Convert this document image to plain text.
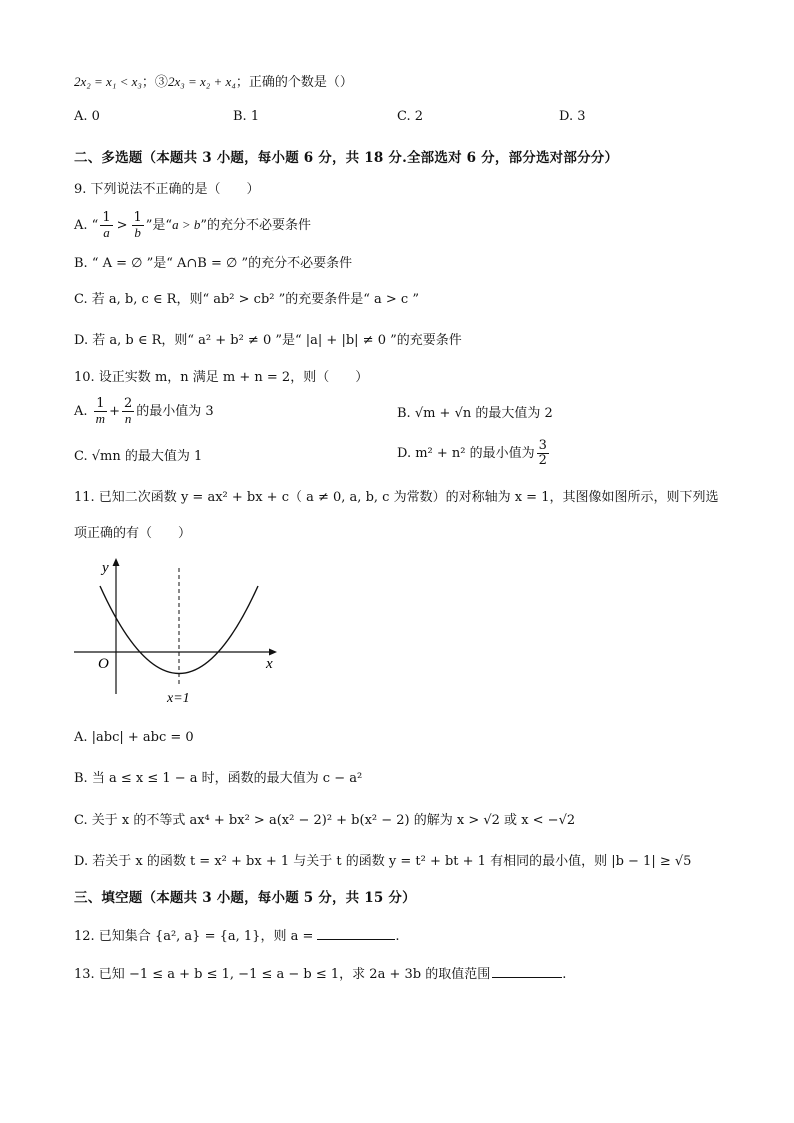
2x₂ = x₁ < x₃；③2x₃ = x₂ + x₄；正确的个数是（）
A. 0	B. 1	C. 2	D. 3
二、多选题（本题共 3 小题，每小题 6 分，共 18 分.全部选对 6 分，部分选对部分分）
9. 下列说法不正确的是（　　）
A. “ $\frac{1}{a} > \frac{1}{b}$ ”是“a > b”的充分不必要条件
B. “ A = ∅ ”是“ A∩B = ∅ ”的充分不必要条件
C. 若 a, b, c ∈ R，则“ ab² > cb² ”的充要条件是“ a > c ”
D. 若 a, b ∈ R，则“ a² + b² ≠ 0 ”是“ |a| + |b| ≠ 0 ”的充要条件
10. 设正实数 m，n 满足 m + n = 2，则（　　）
A. $\frac{1}{m} + \frac{2}{n}$ 的最小值为 3	B. √m + √n 的最大值为 2
C. √mn 的最大值为 1	D. m² + n² 的最小值为 $\frac{3}{2}$
11. 已知二次函数 y = ax² + bx + c（ a ≠ 0, a, b, c 为常数）的对称轴为 x = 1，其图像如图所示，则下列选
项正确的有（　　）
y
x
O
x=1
A. |abc| + abc = 0
B. 当 a ≤ x ≤ 1 − a 时，函数的最大值为 c − a²
C. 关于 x 的不等式 ax⁴ + bx² > a(x² − 2)² + b(x² − 2) 的解为 x > √2 或 x < −√2
D. 若关于 x 的函数 t = x² + bx + 1 与关于 t 的函数 y = t² + bt + 1 有相同的最小值，则 |b − 1| ≥ √5
三、填空题（本题共 3 小题，每小题 5 分，共 15 分）
12. 已知集合 {a², a} = {a, 1}，则 a =	.
13. 已知 −1 ≤ a + b ≤ 1, −1 ≤ a − b ≤ 1，求 2a + 3b 的取值范围	.
